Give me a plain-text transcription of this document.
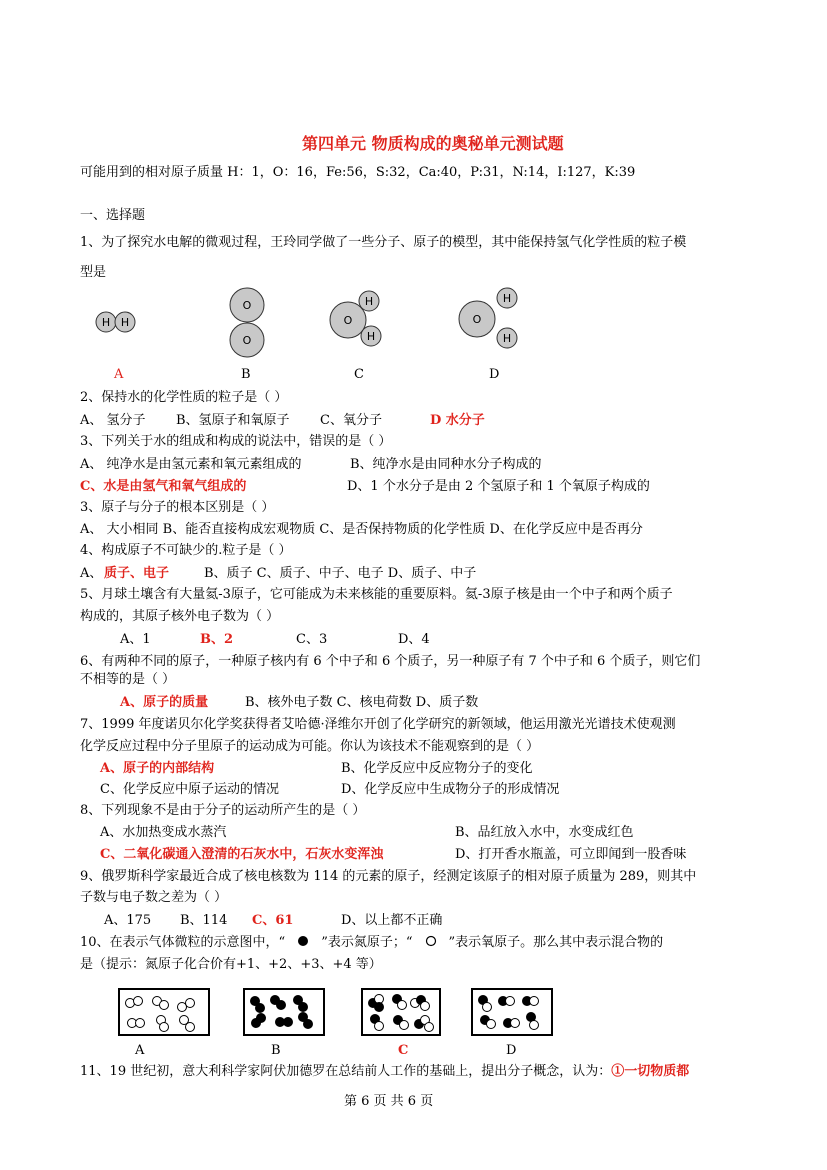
第四单元 物质构成的奥秘单元测试题
可能用到的相对原子质量 H：1，O：16，Fe:56，S:32，Ca:40，P:31，N:14，I:127，K:39
一、选择题
1、为了探究水电解的微观过程，王玲同学做了一些分子、原子的模型，其中能保持氢气化学性质的粒子模
型是
H H
O
O
O
H
H
O
H
H
A	B	C	D
2、保持水的化学性质的粒子是（ ）
A、 氢分子 B、氢原子和氧原子 C、氧分子	D 水分子
3、下列关于水的组成和构成的说法中，错误的是（ ）
A、 纯净水是由氢元素和氧元素组成的	B、纯净水是由同种水分子构成的
C、水是由氢气和氧气组成的	D、1 个水分子是由 2 个氢原子和 1 个氧原子构成的
3、原子与分子的根本区别是（ ）
A、 大小相同 B、能否直接构成宏观物质 C、是否保持物质的化学性质 D、在化学反应中是否再分
4、构成原子不可缺少的.粒子是（ ）
A、 质子、电子	B、质子 C、质子、中子、电子 D、质子、中子
5、月球土壤含有大量氦-3原子，它可能成为未来核能的重要原料。氦-3原子核是由一个中子和两个质子
构成的，其原子核外电子数为（ ）
A、1	B、2	C、3	D、4
6、有两种不同的原子，一种原子核内有 6 个中子和 6 个质子，另一种原子有 7 个中子和 6 个质子，则它们
不相等的是（ ）
A、原子的质量	B、核外电子数 C、核电荷数 D、质子数
7、1999 年度诺贝尔化学奖获得者艾哈德·泽维尔开创了化学研究的新领域，他运用激光光谱技术使观测
化学反应过程中分子里原子的运动成为可能。你认为该技术不能观察到的是（ ）
A、原子的内部结构	B、化学反应中反应物分子的变化
C、化学反应中原子运动的情况	D、化学反应中生成物分子的形成情况
8、下列现象不是由于分子的运动所产生的是（ ）
A、水加热变成水蒸汽	B、品红放入水中，水变成红色
C、二氧化碳通入澄清的石灰水中，石灰水变浑浊	D、打开香水瓶盖，可立即闻到一股香味
9、俄罗斯科学家最近合成了核电核数为 114 的元素的原子，经测定该原子的相对原子质量为 289，则其中
子数与电子数之差为（ ）
A、175 B、114 C、61	D、以上都不正确
10、在表示气体微粒的示意图中，“	”表示氮原子；“	”表示氧原子。那么其中表示混合物的
是（提示：氮原子化合价有+1、+2、+3、+4 等）
A	B	C	D
11、19 世纪初，意大利科学家阿伏加德罗在总结前人工作的基础上，提出分子概念，认为：①一切物质都
第 6 页 共 6 页
